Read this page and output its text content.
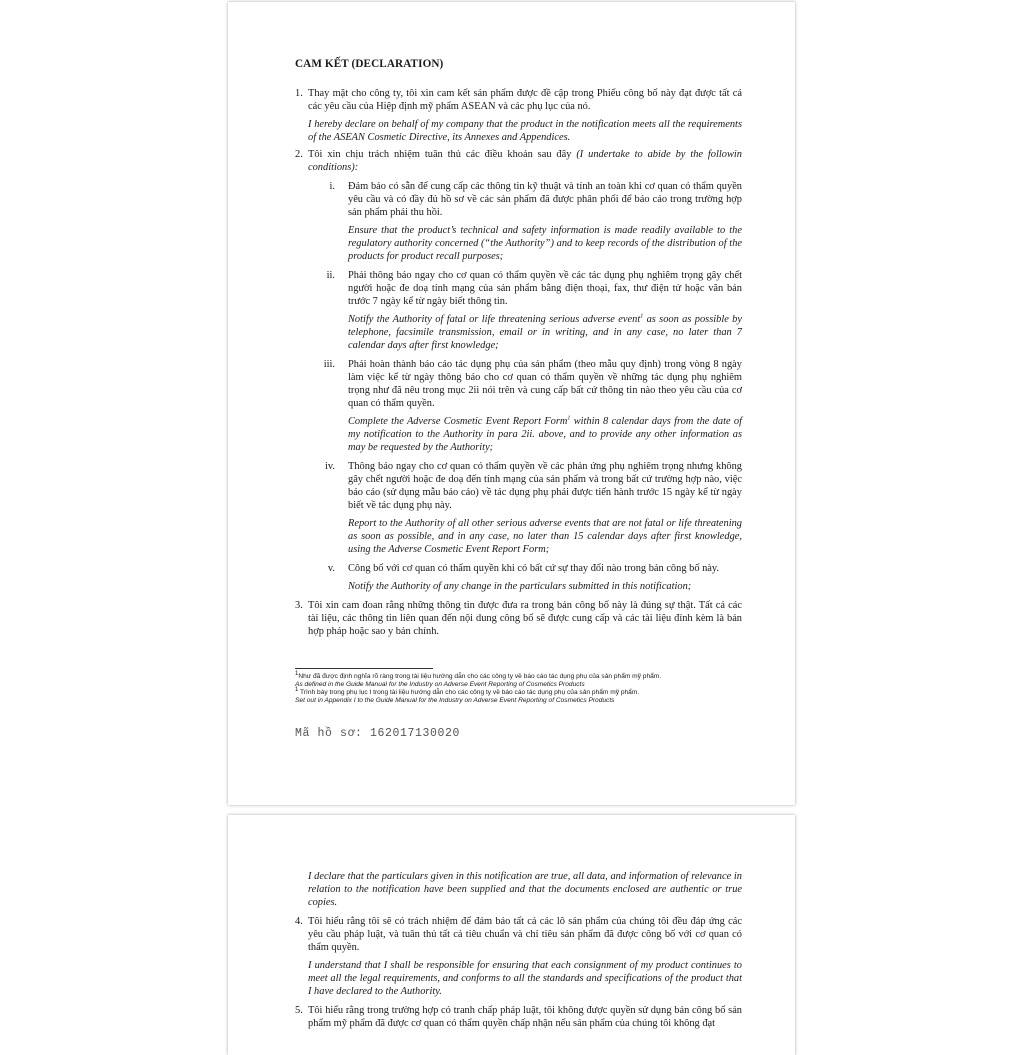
CAM KẾT (DECLARATION)
1. Thay mặt cho công ty, tôi xin cam kết sản phẩm được đề cập trong Phiếu công bố này đạt được tất cả các yêu cầu của Hiệp định mỹ phẩm ASEAN và các phụ lục của nó.

I hereby declare on behalf of my company that the product in the notification meets all the requirements of the ASEAN Cosmetic Directive, its Annexes and Appendices.

2. Tôi xin chịu trách nhiệm tuân thủ các điều khoản sau đây (I undertake to abide by the followin conditions):

i. Đảm bảo có sẵn để cung cấp các thông tin kỹ thuật và tính an toàn khi cơ quan có thẩm quyền yêu cầu và có đầy đủ hồ sơ về các sản phẩm đã được phân phối để báo cáo trong trường hợp sản phẩm phải thu hồi.

Ensure that the product’s technical and safety information is made readily available to the regulatory authority concerned (“the Authority”) and to keep records of the distribution of the products for product recall purposes;

ii. Phải thông báo ngay cho cơ quan có thẩm quyền về các tác dụng phụ nghiêm trọng gây chết người hoặc đe doạ tính mạng của sản phẩm bằng điện thoại, fax, thư điện tử hoặc văn bản trước 7 ngày kể từ ngày biết thông tin.

Notify the Authority of fatal or life threatening serious adverse event$^1$ as soon as possible by telephone, facsimile transmission, email or in writing, and in any case, no later than 7 calendar days after first knowledge;

iii. Phải hoàn thành báo cáo tác dụng phụ của sản phẩm (theo mẫu quy định) trong vòng 8 ngày làm việc kể từ ngày thông báo cho cơ quan có thẩm quyền về những tác dụng phụ nghiêm trọng như đã nêu trong mục 2ii nói trên và cung cấp bất cứ thông tin nào theo yêu cầu của cơ quan có thẩm quyền.

Complete the Adverse Cosmetic Event Report Form$^1$ within 8 calendar days from the date of my notification to the Authority in para 2ii. above, and to provide any other information as may be requested by the Authority;

iv. Thông báo ngay cho cơ quan có thẩm quyền về các phản ứng phụ nghiêm trọng nhưng không gây chết người hoặc đe doạ đến tính mạng của sản phẩm và trong bất cứ trường hợp nào, việc báo cáo (sử dụng mẫu báo cáo) về tác dụng phụ phải được tiến hành trước 15 ngày kể từ ngày biết về tác dụng phụ này.

Report to the Authority of all other serious adverse events that are not fatal or life threatening as soon as possible, and in any case, no later than 15 calendar days after first knowledge, using the Adverse Cosmetic Event Report Form;

v. Công bố với cơ quan có thẩm quyền khi có bất cứ sự thay đổi nào trong bản công bố này.

Notify the Authority of any change in the particulars submitted in this notification;

3. Tôi xin cam đoan rằng những thông tin được đưa ra trong bản công bố này là đúng sự thật. Tất cả các tài liệu, các thông tin liên quan đến nội dung công bố sẽ được cung cấp và các tài liệu đính kèm là bản hợp pháp hoặc sao y bản chính.

$^1$Như đã được định nghĩa rõ ràng trong tài liệu hướng dẫn cho các công ty về báo cáo tác dụng phụ của sản phẩm mỹ phẩm.

As defined in the Guide Manual for the Industry on Adverse Event Reporting of Cosmetics Products

$^1$ Trình bày trong phụ lục I trong tài liệu hướng dẫn cho các công ty về báo cáo tác dụng phụ của sản phẩm mỹ phẩm.

Set out in Appendix I to the Guide Manual for the Industry on Adverse Event Reporting of Cosmetics Products

Mã hồ sơ: 162017130020

I declare that the particulars given in this notification are true, all data, and information of relevance in relation to the notification have been supplied and that the documents enclosed are authentic or true copies.

4. Tôi hiểu rằng tôi sẽ có trách nhiệm để đảm bảo tất cả các lô sản phẩm của chúng tôi đều đáp ứng các yêu cầu pháp luật, và tuân thủ tất cả tiêu chuẩn và chỉ tiêu sản phẩm đã được công bố với cơ quan có thẩm quyền.

I understand that I shall be responsible for ensuring that each consignment of my product continues to meet all the legal requirements, and conforms to all the standards and specifications of the product that I have declared to the Authority.

5. Tôi hiểu rằng trong trường hợp có tranh chấp pháp luật, tôi không được quyền sử dụng bản công bố sản phẩm mỹ phẩm đã được cơ quan có thẩm quyền chấp nhận nếu sản phẩm của chúng tôi không đạt
